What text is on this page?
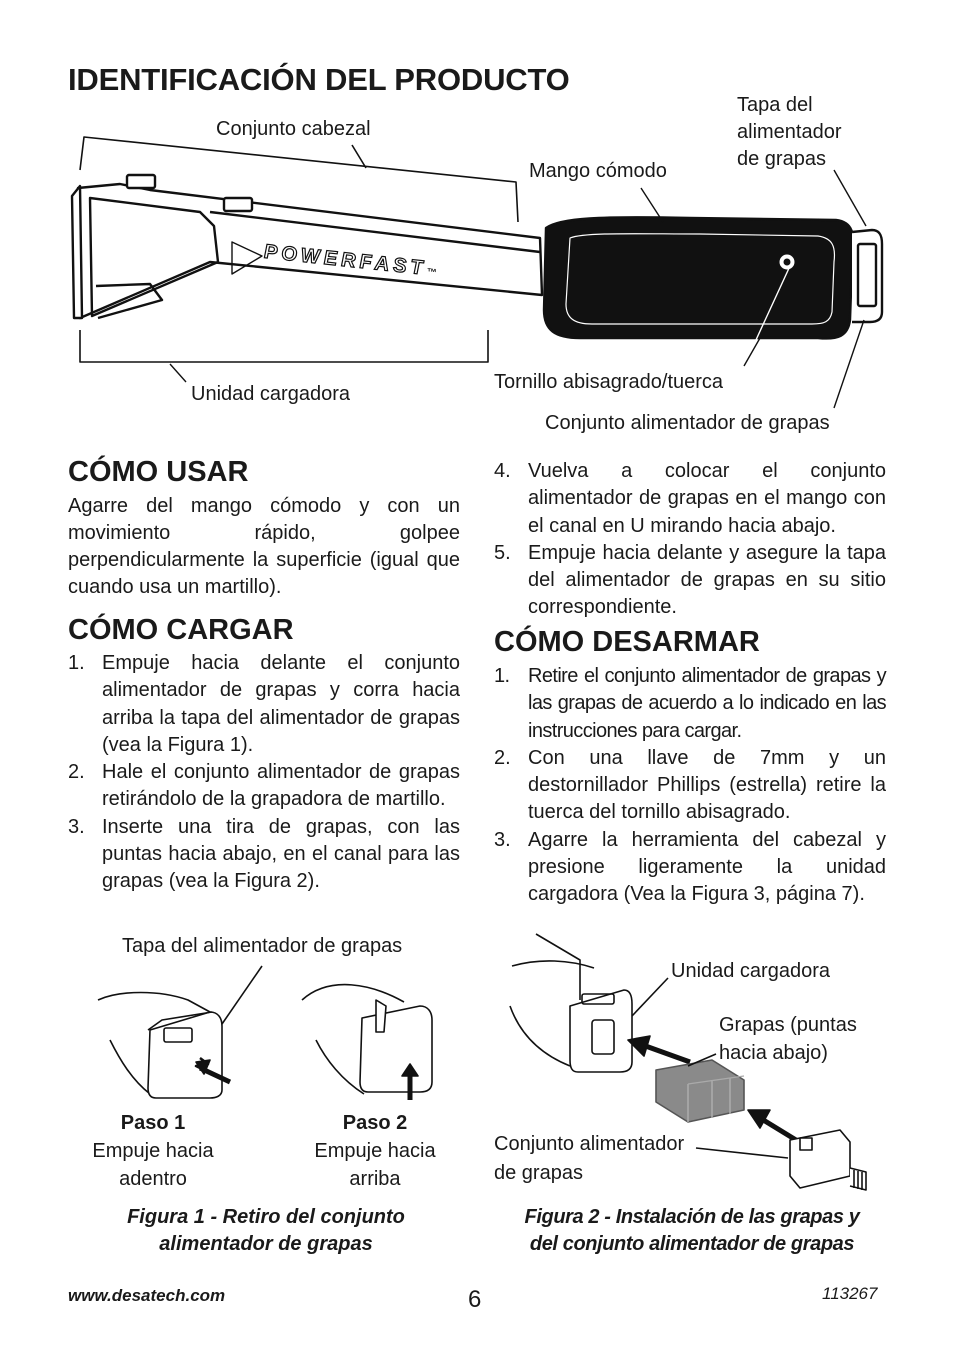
IDENTIFICACIÓN DEL PRODUCTO
POWERFAST™
Conjunto cabezal
Mango cómodo
Tapa del
alimentador
de grapas
Unidad cargadora
Tornillo abisagrado/tuerca
Conjunto alimentador de grapas
CÓMO USAR

Agarre del mango cómodo y con un movimiento rápido, golpee perpendicularmente la superficie (igual que cuando usa un martillo).

CÓMO CARGAR
1. Empuje hacia delante el conjunto alimentador de grapas y corra hacia arriba la tapa del alimentador de grapas (vea la Figura 1).
2. Hale el conjunto alimentador de grapas retirándolo de la grapadora de martillo.
3. Inserte una tira de grapas, con las puntas hacia abajo, en el canal para las grapas (vea la Figura 2).
4. Vuelva a colocar el conjunto alimentador de grapas en el mango con el canal en U mirando hacia abajo.
5. Empuje hacia delante y asegure la tapa del alimentador de grapas en su sitio correspondiente.
CÓMO DESARMAR
1. Retire el conjunto alimentador de grapas y las grapas de acuerdo a lo indicado en las instrucciones para cargar.
2. Con una llave de 7mm y un destornillador Phillips (estrella) retire la tuerca del tornillo abisagrado.
3. Agarre la herramienta del cabezal y presione ligeramente la unidad cargadora (Vea la Figura 3, página 7).
Tapa del alimentador de grapas
Paso 1
Empuje hacia
adentro
Paso 2
Empuje hacia
arriba
Figura 1 - Retiro del conjunto
alimentador de grapas
Unidad cargadora
Grapas (puntas
hacia abajo)
Conjunto alimentador
de grapas
Figura 2 - Instalación de las grapas y
del conjunto alimentador de grapas
www.desatech.com	6	113267
